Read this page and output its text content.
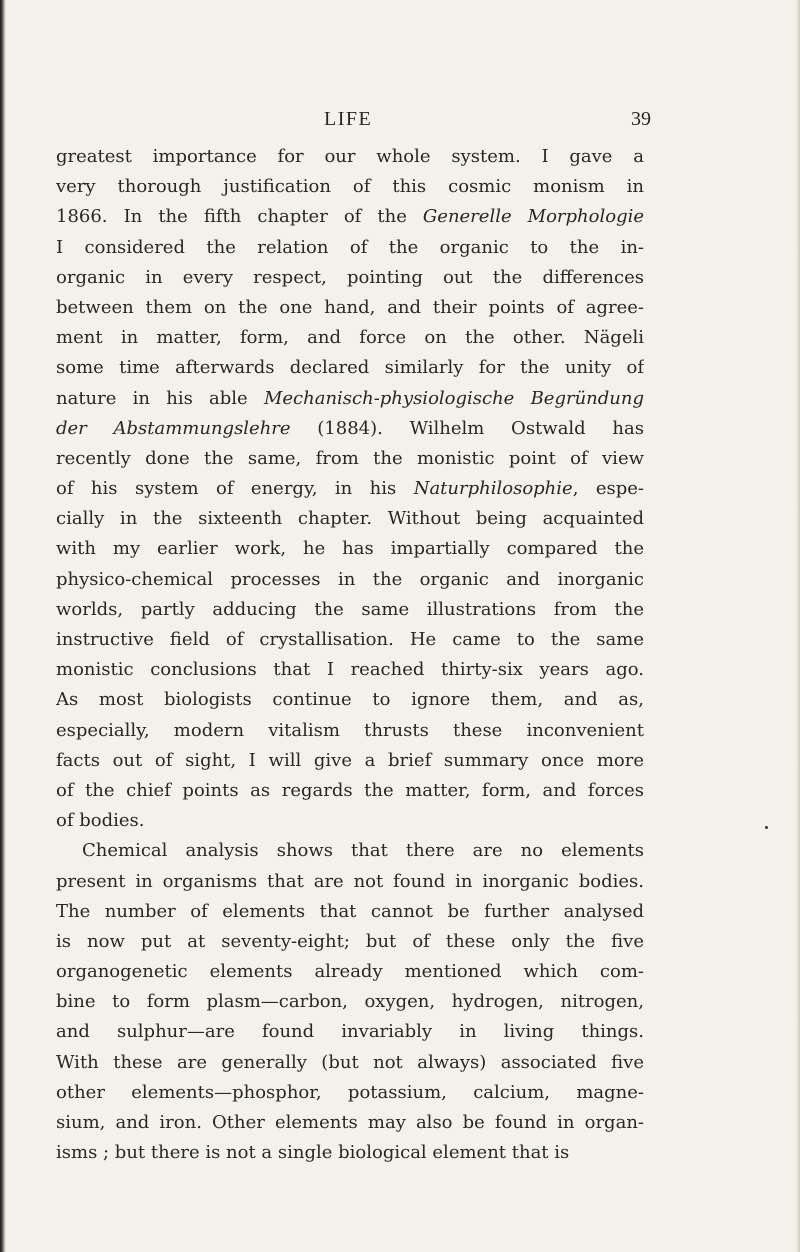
LIFE	39
greatest importance for our whole system. I gave a
very thorough justification of this cosmic monism in
1866. In the fifth chapter of the Generelle Morphologie
I considered the relation of the organic to the in-
organic in every respect, pointing out the differences
between them on the one hand, and their points of agree-
ment in matter, form, and force on the other. Nägeli
some time afterwards declared similarly for the unity of
nature in his able Mechanisch-physiologische Begründung
der Abstammungslehre (1884). Wilhelm Ostwald has
recently done the same, from the monistic point of view
of his system of energy, in his Naturphilosophie, espe-
cially in the sixteenth chapter. Without being acquainted
with my earlier work, he has impartially compared the
physico-chemical processes in the organic and inorganic
worlds, partly adducing the same illustrations from the
instructive field of crystallisation. He came to the same
monistic conclusions that I reached thirty-six years ago.
As most biologists continue to ignore them, and as,
especially, modern vitalism thrusts these inconvenient
facts out of sight, I will give a brief summary once more
of the chief points as regards the matter, form, and forces
of bodies.
Chemical analysis shows that there are no elements
present in organisms that are not found in inorganic bodies.
The number of elements that cannot be further analysed
is now put at seventy-eight; but of these only the five
organogenetic elements already mentioned which com-
bine to form plasm—carbon, oxygen, hydrogen, nitrogen,
and sulphur—are found invariably in living things.
With these are generally (but not always) associated five
other elements—phosphor, potassium, calcium, magne-
sium, and iron. Other elements may also be found in organ-
isms ; but there is not a single biological element that is
